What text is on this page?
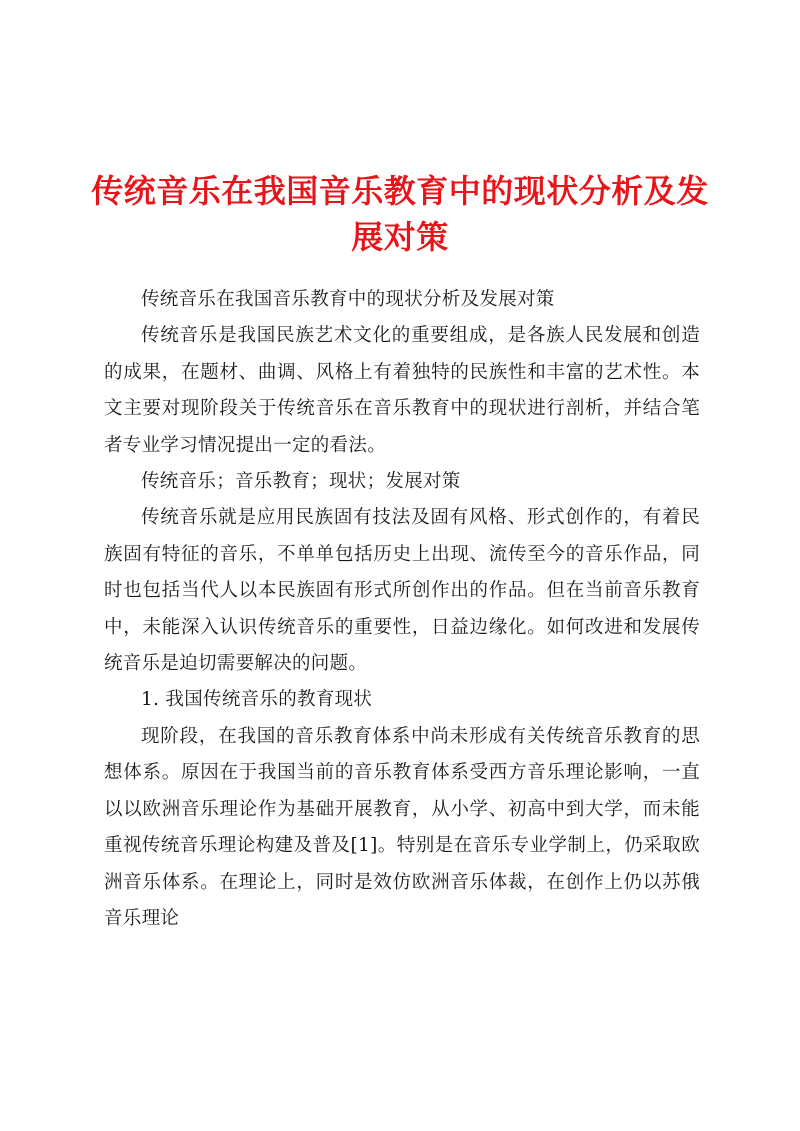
传统音乐在我国音乐教育中的现状分析及发展对策

传统音乐在我国音乐教育中的现状分析及发展对策

传统音乐是我国民族艺术文化的重要组成，是各族人民发展和创造的成果，在题材、曲调、风格上有着独特的民族性和丰富的艺术性。本文主要对现阶段关于传统音乐在音乐教育中的现状进行剖析，并结合笔者专业学习情况提出一定的看法。

传统音乐；音乐教育；现状；发展对策

传统音乐就是应用民族固有技法及固有风格、形式创作的，有着民族固有特征的音乐，不单单包括历史上出现、流传至今的音乐作品，同时也包括当代人以本民族固有形式所创作出的作品。但在当前音乐教育中，未能深入认识传统音乐的重要性，日益边缘化。如何改进和发展传统音乐是迫切需要解决的问题。

1. 我国传统音乐的教育现状

现阶段，在我国的音乐教育体系中尚未形成有关传统音乐教育的思想体系。原因在于我国当前的音乐教育体系受西方音乐理论影响，一直以以欧洲音乐理论作为基础开展教育，从小学、初高中到大学，而未能重视传统音乐理论构建及普及[1]。特别是在音乐专业学制上，仍采取欧洲音乐体系。在理论上，同时是效仿欧洲音乐体裁，在创作上仍以苏俄音乐理论
